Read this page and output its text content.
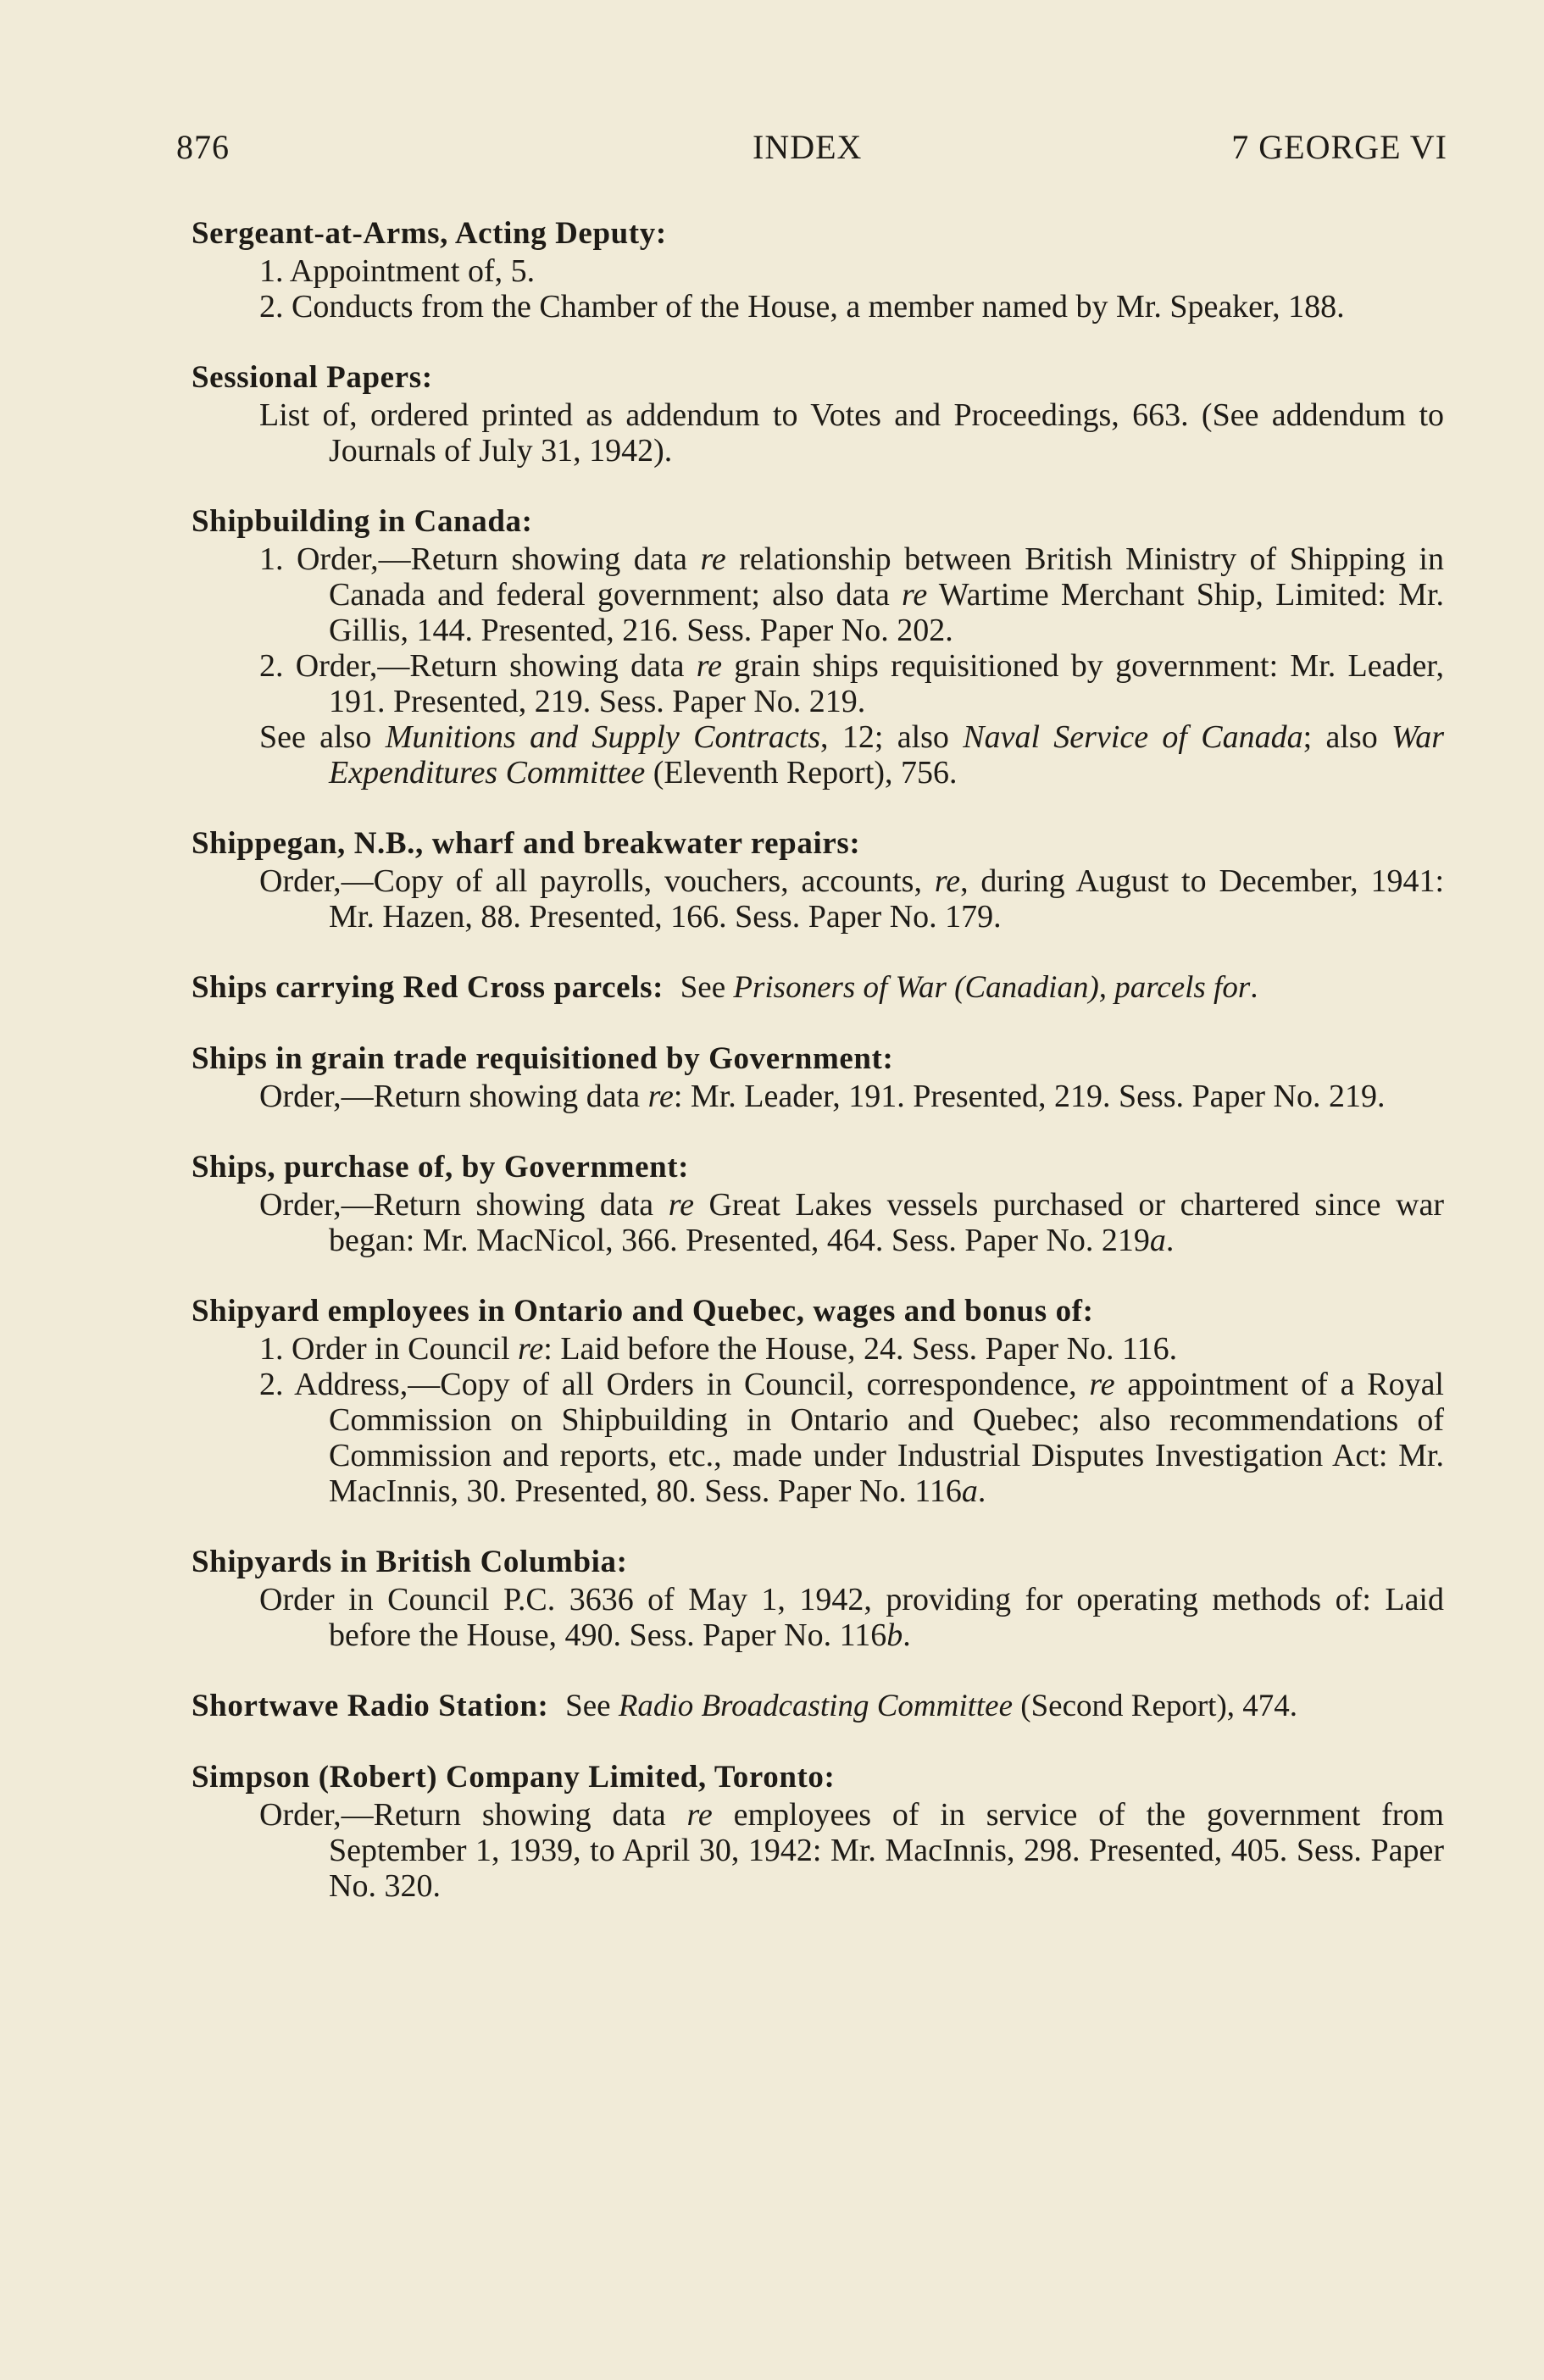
876	INDEX	7 GEORGE VI
Sergeant-at-Arms, Acting Deputy:

1. Appointment of, 5.

2. Conducts from the Chamber of the House, a member named by Mr. Speaker, 188.

Sessional Papers:

List of, ordered printed as addendum to Votes and Proceedings, 663. (See addendum to Journals of July 31, 1942).

Shipbuilding in Canada:

1. Order,—Return showing data re relationship between British Ministry of Shipping in Canada and federal government; also data re Wartime Merchant Ship, Limited: Mr. Gillis, 144. Presented, 216. Sess. Paper No. 202.

2. Order,—Return showing data re grain ships requisitioned by government: Mr. Leader, 191. Presented, 219. Sess. Paper No. 219.

See also Munitions and Supply Contracts, 12; also Naval Service of Canada; also War Expenditures Committee (Eleventh Report), 756.

Shippegan, N.B., wharf and breakwater repairs:

Order,—Copy of all payrolls, vouchers, accounts, re, during August to December, 1941: Mr. Hazen, 88. Presented, 166. Sess. Paper No. 179.

Ships carrying Red Cross parcels: See Prisoners of War (Canadian), parcels for.
Ships in grain trade requisitioned by Government:

Order,—Return showing data re: Mr. Leader, 191. Presented, 219. Sess. Paper No. 219.

Ships, purchase of, by Government:

Order,—Return showing data re Great Lakes vessels purchased or chartered since war began: Mr. MacNicol, 366. Presented, 464. Sess. Paper No. 219a.

Shipyard employees in Ontario and Quebec, wages and bonus of:

1. Order in Council re: Laid before the House, 24. Sess. Paper No. 116.

2. Address,—Copy of all Orders in Council, correspondence, re appointment of a Royal Commission on Shipbuilding in Ontario and Quebec; also recommendations of Commission and reports, etc., made under Industrial Disputes Investigation Act: Mr. MacInnis, 30. Presented, 80. Sess. Paper No. 116a.

Shipyards in British Columbia:

Order in Council P.C. 3636 of May 1, 1942, providing for operating methods of: Laid before the House, 490. Sess. Paper No. 116b.

Shortwave Radio Station: See Radio Broadcasting Committee (Second Report), 474.
Simpson (Robert) Company Limited, Toronto:

Order,—Return showing data re employees of in service of the government from September 1, 1939, to April 30, 1942: Mr. MacInnis, 298. Presented, 405. Sess. Paper No. 320.
